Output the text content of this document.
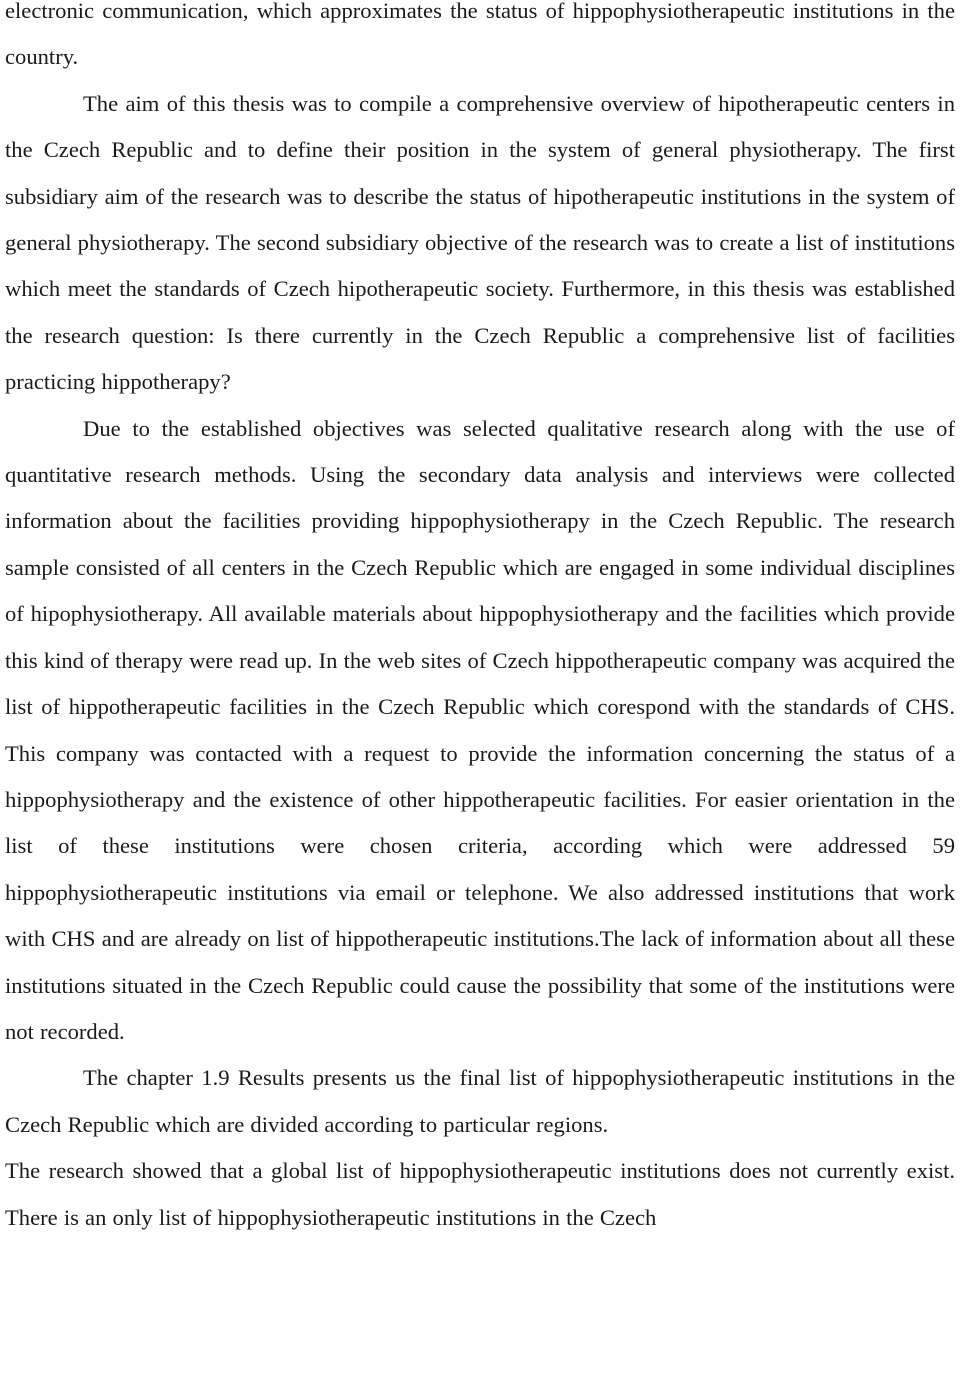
electronic communication, which approximates the status of hippophysiotherapeutic institutions in the country.

The aim of this thesis was to compile a comprehensive overview of hipotherapeutic centers in the Czech Republic and to define their position in the system of general physiotherapy. The first subsidiary aim of the research was to describe the status of hipotherapeutic institutions in the system of general physiotherapy. The second subsidiary objective of the research was to create a list of institutions which meet the standards of Czech hipotherapeutic society. Furthermore, in this thesis was established the research question: Is there currently in the Czech Republic a comprehensive list of facilities practicing hippotherapy?

Due to the established objectives was selected qualitative research along with the use of quantitative research methods. Using the secondary data analysis and interviews were collected information about the facilities providing hippophysiotherapy in the Czech Republic. The research sample consisted of all centers in the Czech Republic which are engaged in some individual disciplines of hipophysiotherapy. All available materials about hippophysiotherapy and the facilities which provide this kind of therapy were read up. In the web sites of Czech hippotherapeutic company was acquired the list of hippotherapeutic facilities in the Czech Republic which corespond with the standards of CHS. This company was contacted with a request to provide the information concerning the status of a hippophysiotherapy and the existence of other hippotherapeutic facilities. For easier orientation in the list of these institutions were chosen criteria, according which were addressed 59 hippophysiotherapeutic institutions via email or telephone. We also addressed institutions that work with CHS and are already on list of hippotherapeutic institutions.The lack of information about all these institutions situated in the Czech Republic could cause the possibility that some of the institutions were not recorded.

The chapter 1.9 Results presents us the final list of hippophysiotherapeutic institutions in the Czech Republic which are divided according to particular regions.

The research showed that a global list of hippophysiotherapeutic institutions does not currently exist. There is an only list of hippophysiotherapeutic institutions in the Czech
